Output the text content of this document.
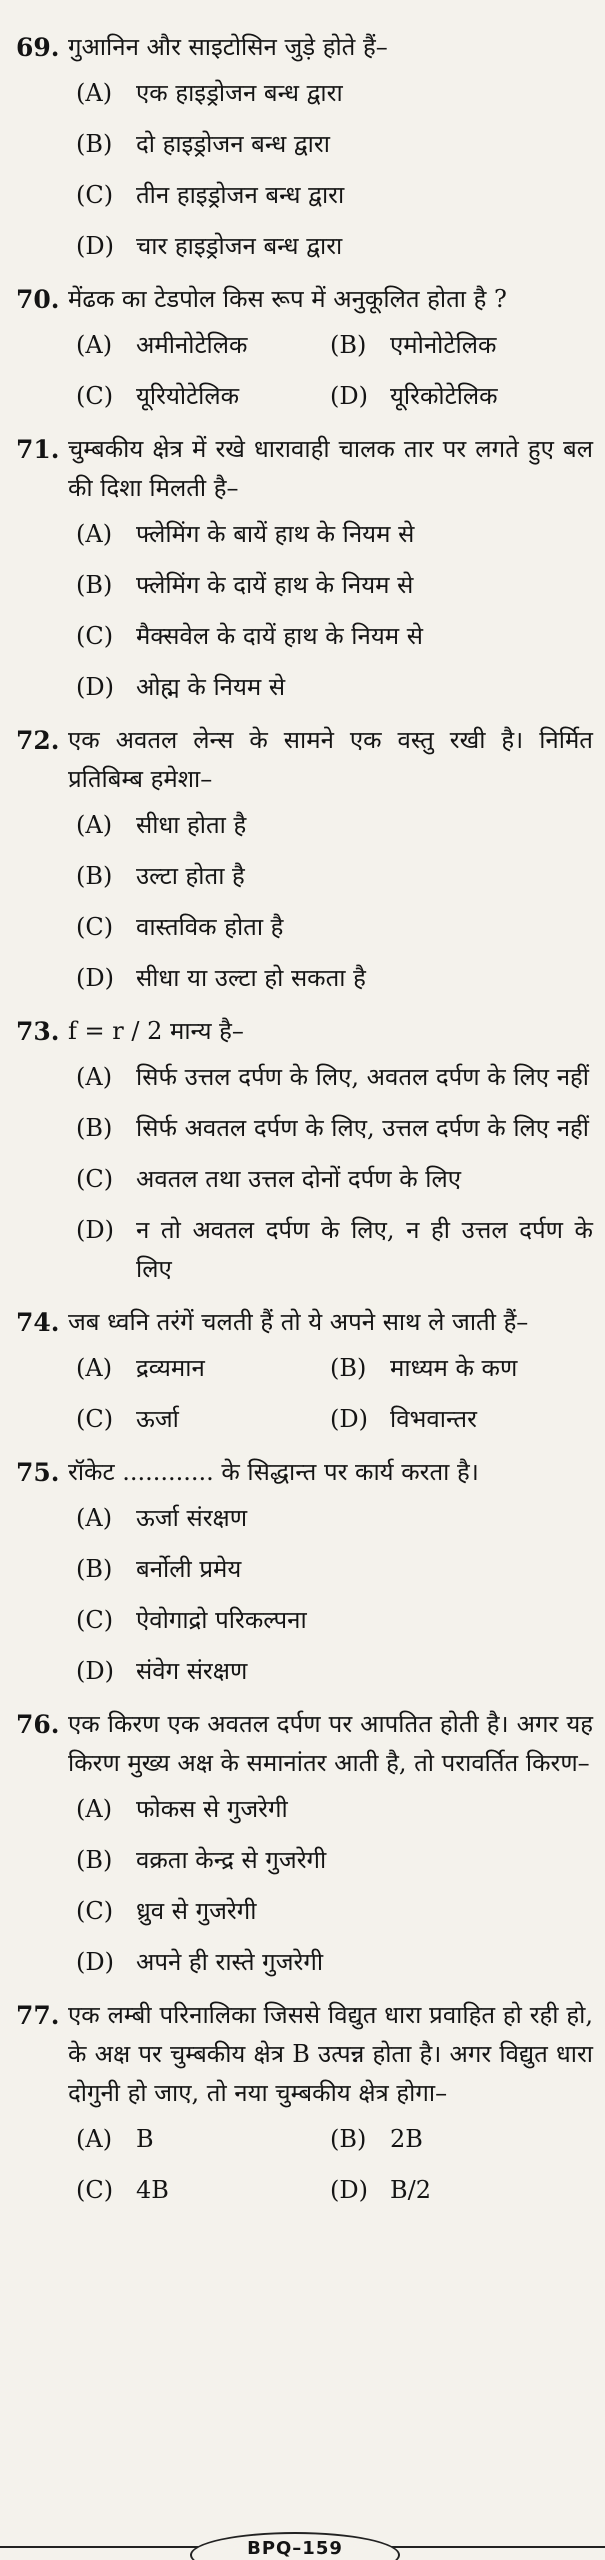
69. गुआनिन और साइटोसिन जुड़े होते हैं–
(A) एक हाइड्रोजन बन्ध द्वारा
(B) दो हाइड्रोजन बन्ध द्वारा
(C) तीन हाइड्रोजन बन्ध द्वारा
(D) चार हाइड्रोजन बन्ध द्वारा
70. मेंढक का टेडपोल किस रूप में अनुकूलित होता है ?
(A) अमीनोटेलिक	(B) एमोनोटेलिक
(C) यूरियोटेलिक	(D) यूरिकोटेलिक
71. चुम्बकीय क्षेत्र में रखे धारावाही चालक तार पर लगते हुए बल की दिशा मिलती है–
(A) फ्लेमिंग के बायें हाथ के नियम से
(B) फ्लेमिंग के दायें हाथ के नियम से
(C) मैक्सवेल के दायें हाथ के नियम से
(D) ओह्म के नियम से
72. एक अवतल लेन्स के सामने एक वस्तु रखी है। निर्मित प्रतिबिम्ब हमेशा–
(A) सीधा होता है
(B) उल्टा होता है
(C) वास्तविक होता है
(D) सीधा या उल्टा हो सकता है
73. f = r / 2 मान्य है–
(A) सिर्फ उत्तल दर्पण के लिए, अवतल दर्पण के लिए नहीं
(B) सिर्फ अवतल दर्पण के लिए, उत्तल दर्पण के लिए नहीं
(C) अवतल तथा उत्तल दोनों दर्पण के लिए
(D) न तो अवतल दर्पण के लिए, न ही उत्तल दर्पण के लिए
74. जब ध्वनि तरंगें चलती हैं तो ये अपने साथ ले जाती हैं–
(A) द्रव्यमान	(B) माध्यम के कण
(C) ऊर्जा	(D) विभवान्तर
75. रॉकेट ............ के सिद्धान्त पर कार्य करता है।
(A) ऊर्जा संरक्षण
(B) बर्नोली प्रमेय
(C) ऐवोगाद्रो परिकल्पना
(D) संवेग संरक्षण
76. एक किरण एक अवतल दर्पण पर आपतित होती है। अगर यह किरण मुख्य अक्ष के समानांतर आती है, तो परावर्तित किरण–
(A) फोकस से गुजरेगी
(B) वक्रता केन्द्र से गुजरेगी
(C) ध्रुव से गुजरेगी
(D) अपने ही रास्ते गुजरेगी
77. एक लम्बी परिनालिका जिससे विद्युत धारा प्रवाहित हो रही हो, के अक्ष पर चुम्बकीय क्षेत्र B उत्पन्न होता है। अगर विद्युत धारा दोगुनी हो जाए, तो नया चुम्बकीय क्षेत्र होगा–
(A) B	(B) 2B
(C) 4B	(D) B/2
BPQ–159
